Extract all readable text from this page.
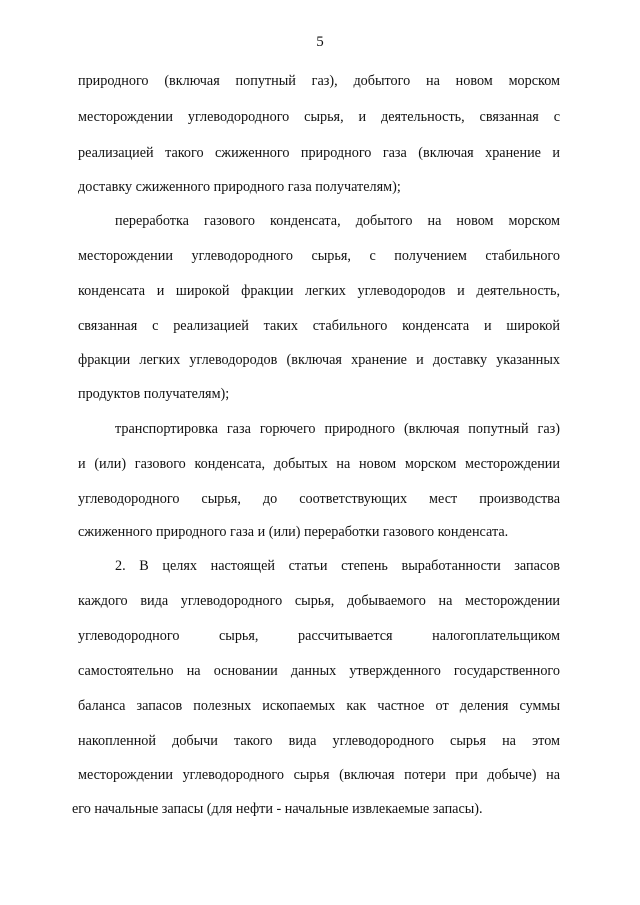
5
природного (включая попутный газ), добытого на новом морском
месторождении углеводородного сырья, и деятельность, связанная с
реализацией такого сжиженного природного газа (включая хранение и
доставку сжиженного природного газа получателям);
переработка газового конденсата, добытого на новом морском
месторождении углеводородного сырья, с получением стабильного
конденсата и широкой фракции легких углеводородов и деятельность,
связанная с реализацией таких стабильного конденсата и широкой
фракции легких углеводородов (включая хранение и доставку указанных
продуктов получателям);
транспортировка газа горючего природного (включая попутный газ)
и (или) газового конденсата, добытых на новом морском месторождении
углеводородного сырья, до соответствующих мест производства
сжиженного природного газа и (или) переработки газового конденсата.
2. В целях настоящей статьи степень выработанности запасов
каждого вида углеводородного сырья, добываемого на месторождении
углеводородного сырья, рассчитывается налогоплательщиком
самостоятельно на основании данных утвержденного государственного
баланса запасов полезных ископаемых как частное от деления суммы
накопленной добычи такого вида углеводородного сырья на этом
месторождении углеводородного сырья (включая потери при добыче) на
его начальные запасы (для нефти - начальные извлекаемые запасы).
